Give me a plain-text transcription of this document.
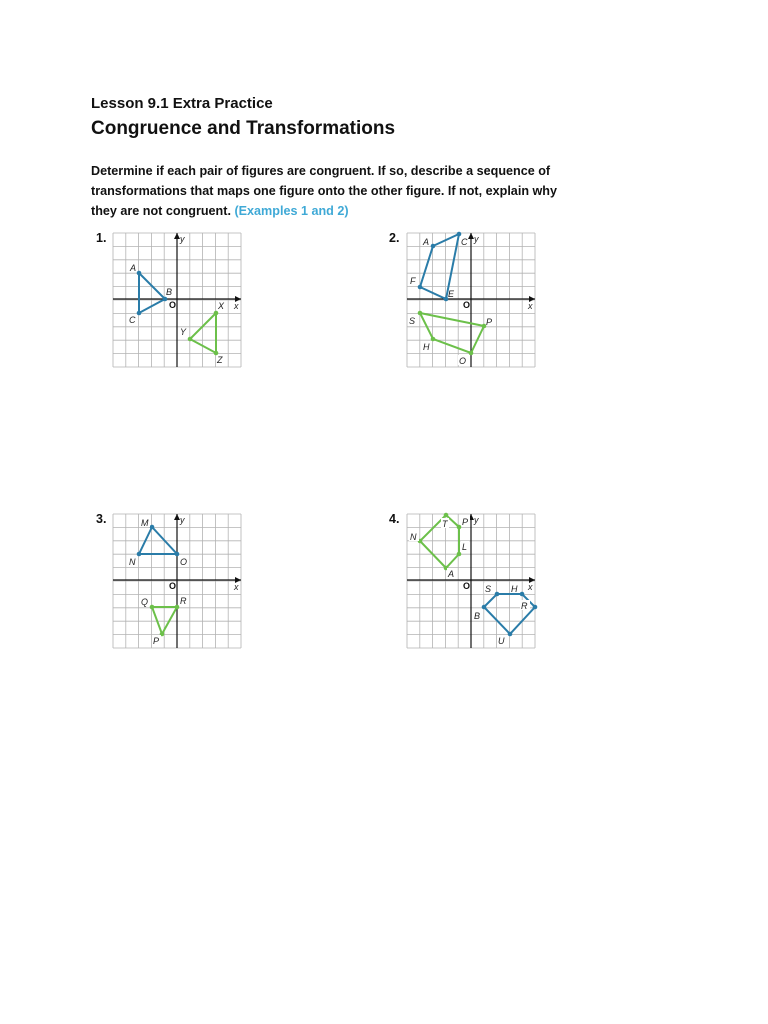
Lesson 9.1 Extra Practice
Congruence and Transformations

Determine if each pair of figures are congruent. If so, describe a sequence of transformations that maps one figure onto the other figure. If not, explain why they are not congruent. (Examples 1 and 2)

1.	2.
3.	4.
y
x
O
A
B
C
X
Y
Z
y
x
O
A	C
E
F
S	P
O
H
y
x
O
M
N	O
Q	R
P
y
x
O
T P
N
L
A
S H
R
B
U
